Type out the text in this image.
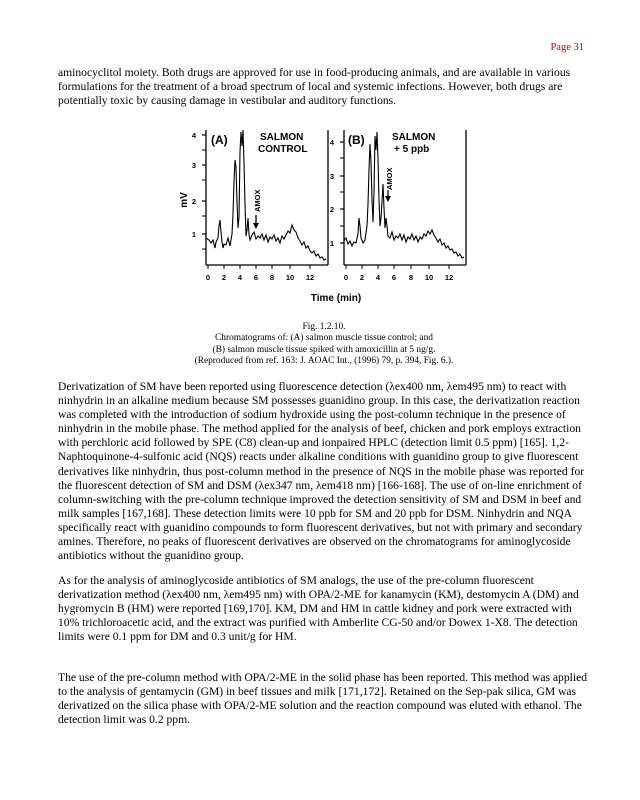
Page 31

aminocyclitol moiety. Both drugs are approved for use in food-producing animals, and are available in various formulations for the treatment of a broad spectrum of local and systemic infections. However, both drugs are potentially toxic by causing damage in vestibular and auditory functions.

4
3
2
1
0 2 4 6 8 10 12
(A)	SALMON
CONTROL
AMOX
4
3
2
1
0 2 4 6 8 10 12
(B)	SALMON
+ 5 ppb
AMOX
mV
Time (min)
Fig. 1.2.10.
Chromatograms of: (A) salmon muscle tissue control; and
(B) salmon muscle tissue spiked with amoxicillin at 5 ng/g.
(Reproduced from ref. 163: J. AOAC Int., (1996) 79, p. 394, Fig. 6.).

Derivatization of SM have been reported using fluorescence detection (λex400 nm, λem495 nm) to react with ninhydrin in an alkaline medium because SM possesses guanidino group. In this case, the derivatization reaction was completed with the introduction of sodium hydroxide using the post-column technique in the presence of ninhydrin in the mobile phase. The method applied for the analysis of beef, chicken and pork employs extraction with perchloric acid followed by SPE (C8) clean-up and ionpaired HPLC (detection limit 0.5 ppm) [165]. 1,2-Naphtoquinone-4-sulfonic acid (NQS) reacts under alkaline conditions with guanidino group to give fluorescent derivatives like ninhydrin, thus post-column method in the presence of NQS in the mobile phase was reported for the fluorescent detection of SM and DSM (λex347 nm, λem418 nm) [166-168]. The use of on-line enrichment of column-switching with the pre-column technique improved the detection sensitivity of SM and DSM in beef and milk samples [167,168]. These detection limits were 10 ppb for SM and 20 ppb for DSM. Ninhydrin and NQA specifically react with guanidino compounds to form fluorescent derivatives, but not with primary and secondary amines. Therefore, no peaks of fluorescent derivatives are observed on the chromatograms for aminoglycoside antibiotics without the guanidino group.

As for the analysis of aminoglycoside antibiotics of SM analogs, the use of the pre-column fluorescent derivatization method (λex400 nm, λem495 nm) with OPA/2-ME for kanamycin (KM), destomycin A (DM) and hygromycin B (HM) were reported [169,170]. KM, DM and HM in cattle kidney and pork were extracted with 10% trichloroacetic acid, and the extract was purified with Amberlite CG-50 and/or Dowex 1-X8. The detection limits were 0.1 ppm for DM and 0.3 unit/g for HM.

The use of the pre-column method with OPA/2-ME in the solid phase has been reported. This method was applied to the analysis of gentamycin (GM) in beef tissues and milk [171,172]. Retained on the Sep-pak silica, GM was derivatized on the silica phase with OPA/2-ME solution and the reaction compound was eluted with ethanol. The detection limit was 0.2 ppm.
